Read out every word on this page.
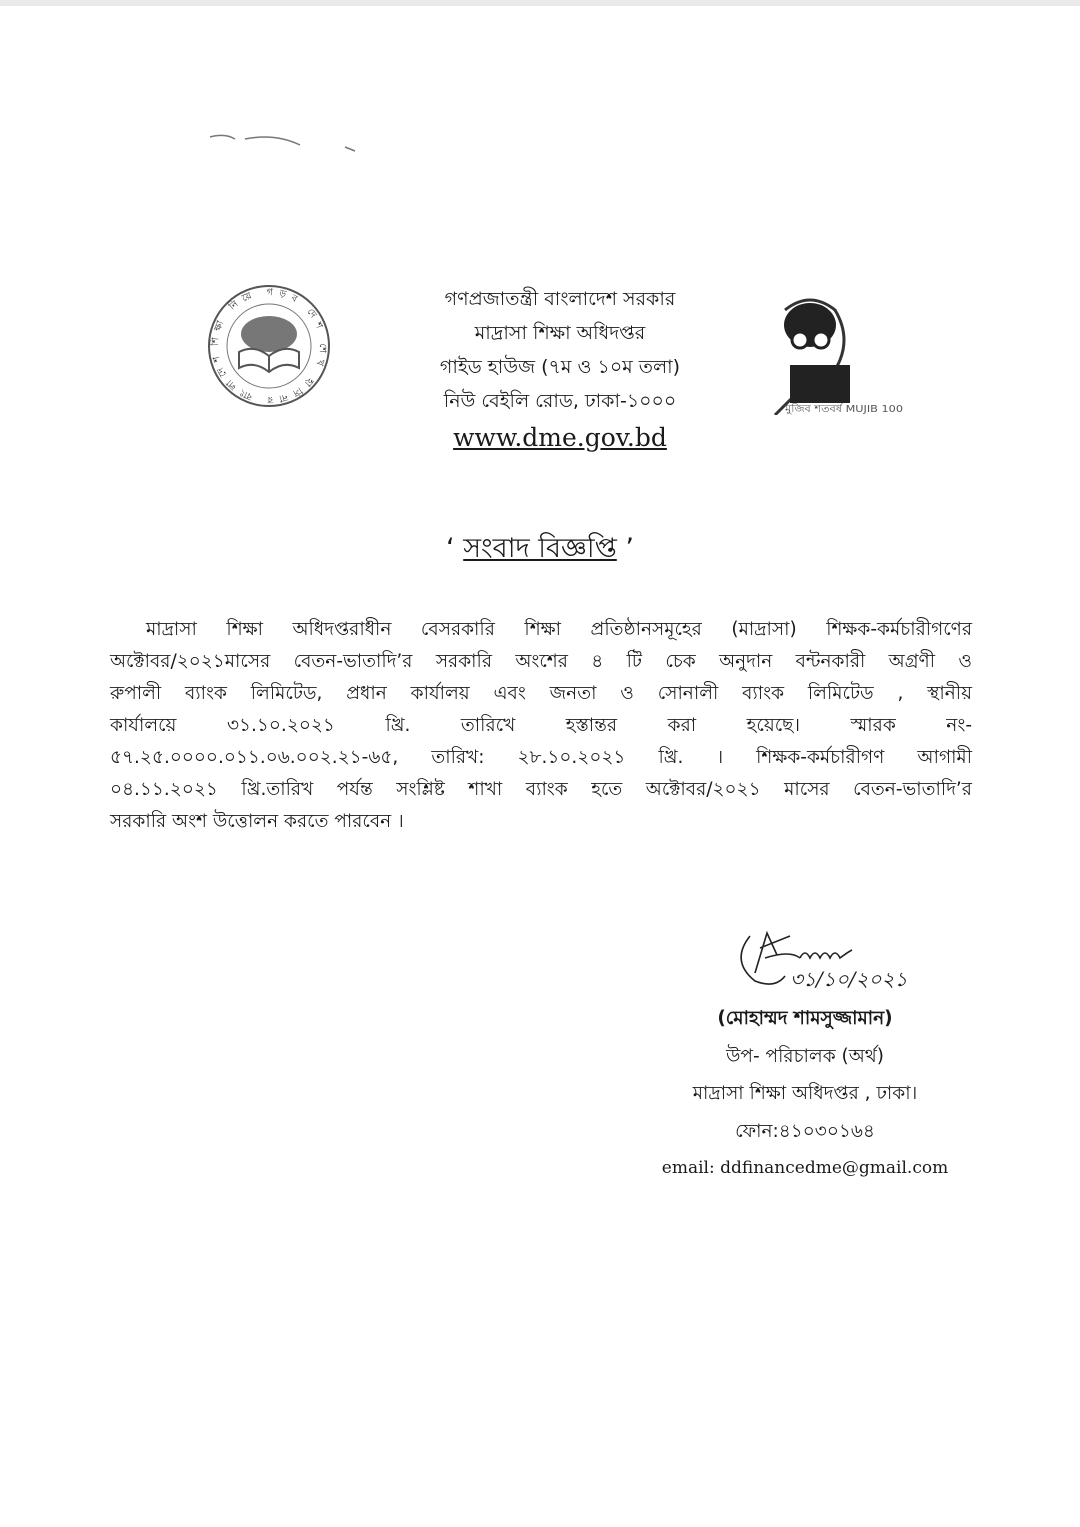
শিক্ষা নিয়ে গড়ব দেশ শেখ হাসিনার বাংলাদেশ
মুজিব শতবর্ষ MUJIB 100
গণপ্রজাতন্ত্রী বাংলাদেশ সরকার
মাদ্রাসা শিক্ষা অধিদপ্তর
গাইড হাউজ (৭ম ও ১০ম তলা)
নিউ বেইলি রোড, ঢাকা-১০০০
www.dme.gov.bd
‘ সংবাদ বিজ্ঞপ্তি ’
মাদ্রাসা শিক্ষা অধিদপ্তরাধীন বেসরকারি শিক্ষা প্রতিষ্ঠানসমূহের (মাদ্রাসা) শিক্ষক-কর্মচারীগণের
অক্টোবর/২০২১মাসের বেতন-ভাতাদি’র সরকারি অংশের ৪ টি চেক অনুদান বন্টনকারী অগ্রণী ও
রুপালী ব্যাংক লিমিটেড, প্রধান কার্যালয় এবং জনতা ও সোনালী ব্যাংক লিমিটেড , স্থানীয়
কার্যালয়ে ৩১.১০.২০২১ খ্রি. তারিখে হস্তান্তর করা হয়েছে। স্মারক নং-
৫৭.২৫.০০০০.০১১.০৬.০০২.২১-৬৫, তারিখ: ২৮.১০.২০২১ খ্রি. । শিক্ষক-কর্মচারীগণ আগামী
০৪.১১.২০২১ খ্রি.তারিখ পর্যন্ত সংশ্লিষ্ট শাখা ব্যাংক হতে অক্টোবর/২০২১ মাসের বেতন-ভাতাদি’র
সরকারি অংশ উত্তোলন করতে পারবেন ।
৩১/১০/২০২১
(মোহাম্মদ শামসুজ্জামান)
উপ- পরিচালক (অর্থ)
মাদ্রাসা শিক্ষা অধিদপ্তর , ঢাকা।
ফোন:৪১০৩০১৬৪
email: ddfinancedme@gmail.com
